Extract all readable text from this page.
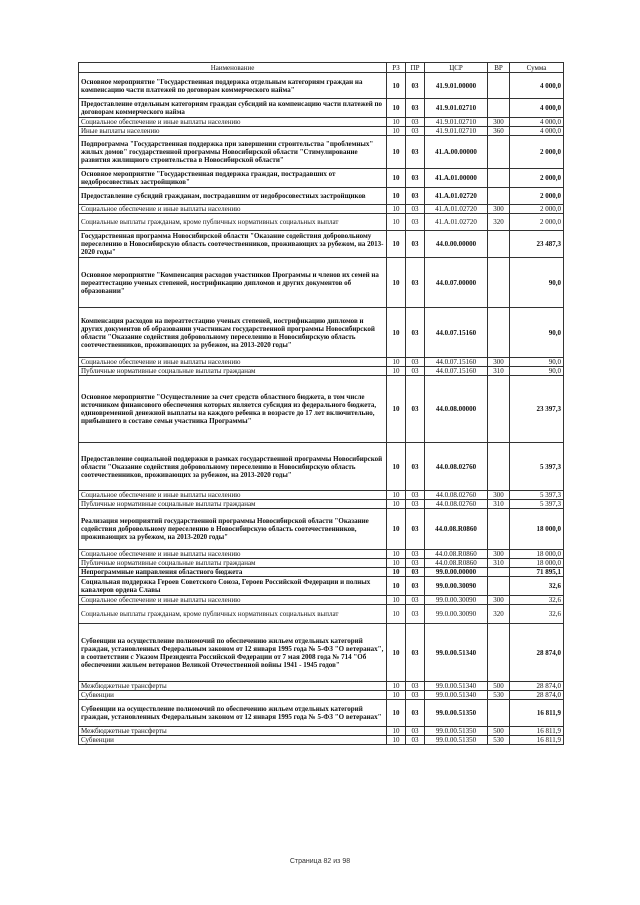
Наименование	РЗ	ПР	ЦСР	ВР	Сумма
Основное мероприятие "Государственная поддержка отдельным категориям граждан на компенсацию части платежей по договорам коммерческого найма"	10	03	41.9.01.00000		4 000,0
Предоставление отдельным категориям граждан субсидий на компенсацию части платежей по договорам коммерческого найма	10	03	41.9.01.02710		4 000,0
Социальное обеспечение и иные выплаты населению	10	03	41.9.01.02710	300	4 000,0
Иные выплаты населению	10	03	41.9.01.02710	360	4 000,0
Подпрограмма "Государственная поддержка при завершении строительства "проблемных" жилых домов" государственной программы Новосибирской области "Стимулирование развития жилищного строительства в Новосибирской области"	10	03	41.А.00.00000		2 000,0
Основное мероприятие "Государственная поддержка граждан, пострадавших от недобросовестных застройщиков"	10	03	41.А.01.00000		2 000,0
Предоставление субсидий гражданам, пострадавшим от недобросовестных застройщиков	10	03	41.А.01.02720		2 000,0
Социальное обеспечение и иные выплаты населению	10	03	41.А.01.02720	300	2 000,0
Социальные выплаты гражданам, кроме публичных нормативных социальных выплат	10	03	41.А.01.02720	320	2 000,0
Государственная программа Новосибирской области "Оказание содействия добровольному переселению в Новосибирскую область соотечественников, проживающих за рубежом, на 2013-2020 годы"	10	03	44.0.00.00000		23 487,3
Основное мероприятие "Компенсация расходов участников Программы и членов их семей на переаттестацию ученых степеней, нострификацию дипломов и других документов об образовании"	10	03	44.0.07.00000		90,0
Компенсация расходов на переаттестацию ученых степеней, нострификацию дипломов и других документов об образовании участникам государственной программы Новосибирской области "Оказание содействия добровольному переселению в Новосибирскую область соотечественников, проживающих за рубежом, на 2013-2020 годы"	10	03	44.0.07.15160		90,0
Социальное обеспечение и иные выплаты населению	10	03	44.0.07.15160	300	90,0
Публичные нормативные социальные выплаты гражданам	10	03	44.0.07.15160	310	90,0
Основное мероприятие "Осуществление за счет средств областного бюджета, в том числе источником финансового обеспечения которых является субсидия из федерального бюджета, единовременной денежной выплаты на каждого ребенка в возрасте до 17 лет включительно, прибывшего в составе семьи участника Программы"	10	03	44.0.08.00000		23 397,3
Предоставление социальной поддержки в рамках государственной программы Новосибирской области "Оказание содействия добровольному переселению в Новосибирскую область соотечественников, проживающих за рубежом, на 2013-2020 годы"	10	03	44.0.08.02760		5 397,3
Социальное обеспечение и иные выплаты населению	10	03	44.0.08.02760	300	5 397,3
Публичные нормативные социальные выплаты гражданам	10	03	44.0.08.02760	310	5 397,3
Реализация мероприятий государственной программы Новосибирской области "Оказание содействия добровольному переселению в Новосибирскую область соотечественников, проживающих за рубежом, на 2013-2020 годы"	10	03	44.0.08.R0860		18 000,0
Социальное обеспечение и иные выплаты населению	10	03	44.0.08.R0860	300	18 000,0
Публичные нормативные социальные выплаты гражданам	10	03	44.0.08.R0860	310	18 000,0
Непрограммные направления областного бюджета	10	03	99.0.00.00000		71 895,1
Социальная поддержка Героев Советского Союза, Героев Российской Федерации и полных кавалеров ордена Славы	10	03	99.0.00.30090		32,6
Социальное обеспечение и иные выплаты населению	10	03	99.0.00.30090	300	32,6
Социальные выплаты гражданам, кроме публичных нормативных социальных выплат	10	03	99.0.00.30090	320	32,6
Субвенции на осуществление полномочий по обеспечению жильем отдельных категорий граждан, установленных Федеральным законом от 12 января 1995 года № 5-ФЗ "О ветеранах", в соответствии с Указом Президента Российской Федерации от 7 мая 2008 года № 714 "Об обеспечении жильем ветеранов Великой Отечественной войны 1941 - 1945 годов"	10	03	99.0.00.51340		28 874,0
Межбюджетные трансферты	10	03	99.0.00.51340	500	28 874,0
Субвенции	10	03	99.0.00.51340	530	28 874,0
Субвенции на осуществление полномочий по обеспечению жильем отдельных категорий граждан, установленных Федеральным законом от 12 января 1995 года № 5-ФЗ "О ветеранах"	10	03	99.0.00.51350		16 811,9
Межбюджетные трансферты	10	03	99.0.00.51350	500	16 811,9
Субвенции	10	03	99.0.00.51350	530	16 811,9
Страница 82 из 98
